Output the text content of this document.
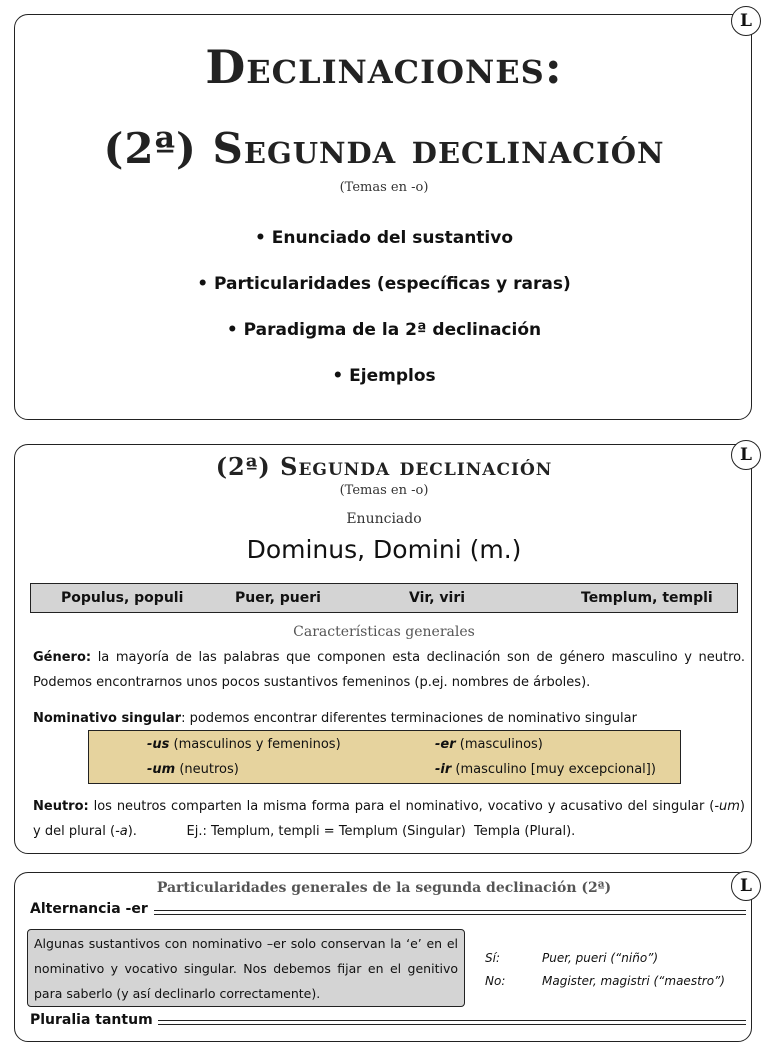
L
Declinaciones:
(2ª) Segunda declinación
(Temas en -o)
• Enunciado del sustantivo
• Particularidades (específicas y raras)
• Paradigma de la 2ª declinación
• Ejemplos
L
(2ª) Segunda declinación
(Temas en -o)
Enunciado
Dominus, Domini (m.)
Populus, populi	Puer, pueri	Vir, viri	Templum, templi
Características generales
Género: la mayoría de las palabras que componen esta declinación son de género masculino y neutro. Podemos encontrarnos unos pocos sustantivos femeninos (p.ej. nombres de árboles).
Nominativo singular: podemos encontrar diferentes terminaciones de nominativo singular
-us (masculinos y femeninos)	-er (masculinos)
-um (neutros)	-ir (masculino [muy excepcional])
Neutro: los neutros comparten la misma forma para el nominativo, vocativo y acusativo del singular (-um) y del plural (-a).            Ej.: Templum, templi = Templum (Singular)  Templa (Plural).
L
Particularidades generales de la segunda declinación (2ª)
Alternancia -er
Algunas sustantivos con nominativo –er solo conservan la ‘e’ en el nominativo y vocativo singular. Nos debemos fijar en el genitivo para saberlo (y así declinarlo correctamente).
Sí:	Puer, pueri (“niño”)
No:	Magister, magistri (“maestro”)
Pluralia tantum
